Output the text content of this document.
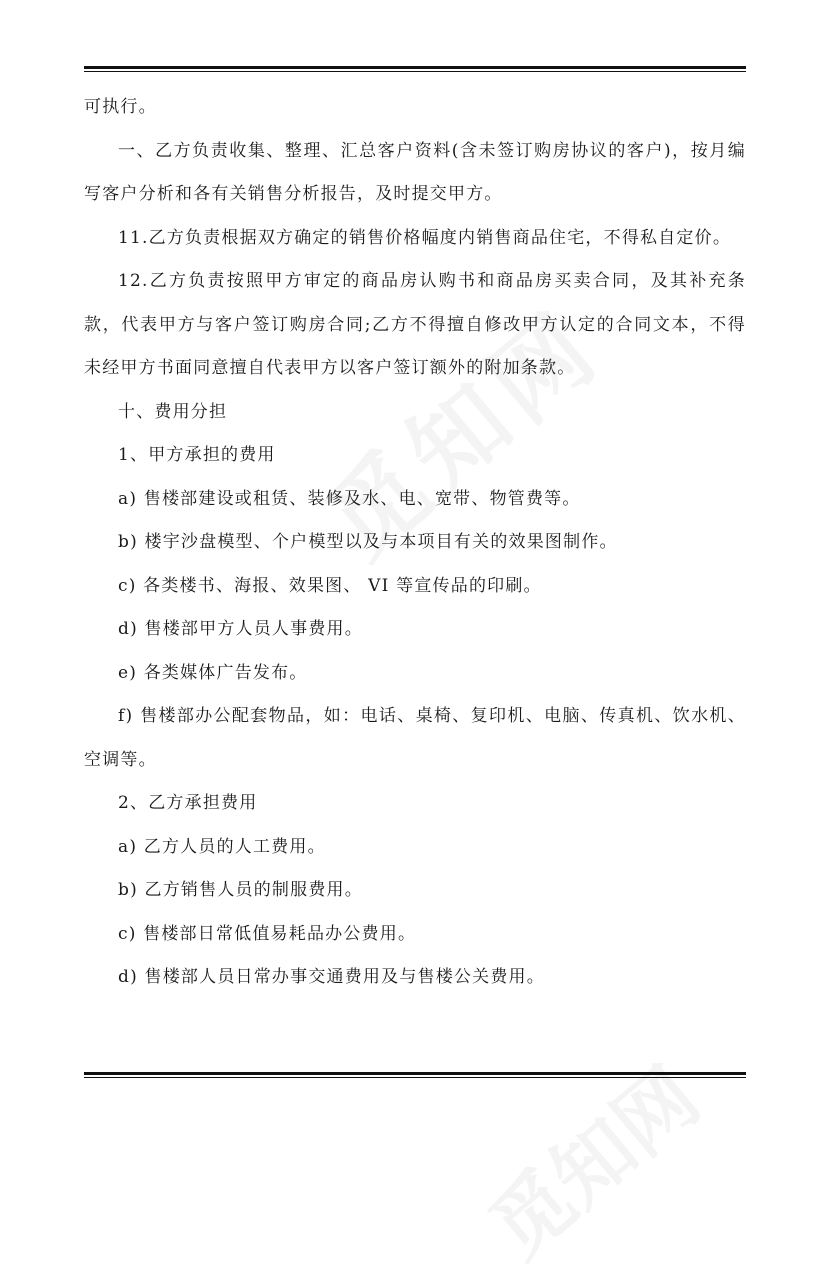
可执行。

一、乙方负责收集、整理、汇总客户资料(含未签订购房协议的客户)，按月编写客户分析和各有关销售分析报告，及时提交甲方。

11.乙方负责根据双方确定的销售价格幅度内销售商品住宅，不得私自定价。

12.乙方负责按照甲方审定的商品房认购书和商品房买卖合同，及其补充条款，代表甲方与客户签订购房合同;乙方不得擅自修改甲方认定的合同文本，不得未经甲方书面同意擅自代表甲方以客户签订额外的附加条款。

十、费用分担

1、甲方承担的费用

a) 售楼部建设或租赁、装修及水、电、宽带、物管费等。

b) 楼宇沙盘模型、个户模型以及与本项目有关的效果图制作。

c) 各类楼书、海报、效果图、 VI 等宣传品的印刷。

d) 售楼部甲方人员人事费用。

e) 各类媒体广告发布。

f) 售楼部办公配套物品，如：电话、桌椅、复印机、电脑、传真机、饮水机、空调等。

2、乙方承担费用

a) 乙方人员的人工费用。

b) 乙方销售人员的制服费用。

c) 售楼部日常低值易耗品办公费用。

d) 售楼部人员日常办事交通费用及与售楼公关费用。
